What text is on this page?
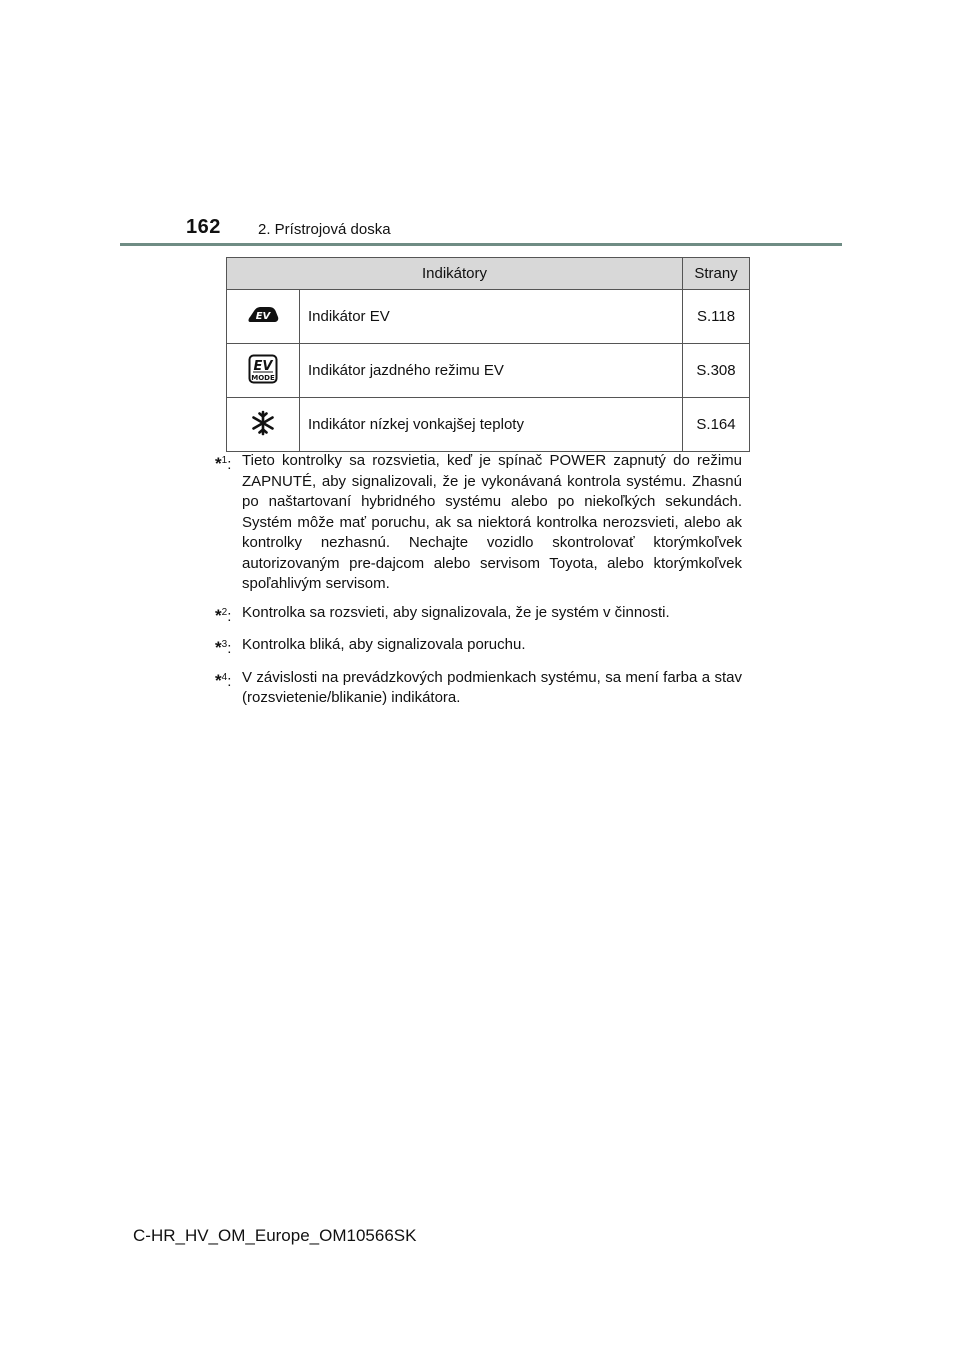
162 2. Prístrojová doska
Indikátory		Strany

EV	Indikátor EV	S.118

EV
MODE	Indikátor jazdného režimu EV	S.308
	Indikátor nízkej vonkajšej teploty	S.164
*$^1$: Tieto kontrolky sa rozsvietia, keď je spínač POWER zapnutý do režimu ZAPNUTÉ, aby signalizovali, že je vykonávaná kontrola systému. Zhasnú po naštartovaní hybridného systému alebo po niekoľkých sekundách. Systém môže mať poruchu, ak sa niektorá kontrolka nerozsvieti, alebo ak kontrolky nezhasnú. Nechajte vozidlo skontrolovať ktorýmkoľvek autorizovaným pre-dajcom alebo servisom Toyota, alebo ktorýmkoľvek spoľahlivým servisom.
*$^2$: Kontrolka sa rozsvieti, aby signalizovala, že je systém v činnosti.
*$^3$: Kontrolka bliká, aby signalizovala poruchu.
*$^4$: V závislosti na prevádzkových podmienkach systému, sa mení farba a stav (rozsvietenie/blikanie) indikátora.
C-HR_HV_OM_Europe_OM10566SK
